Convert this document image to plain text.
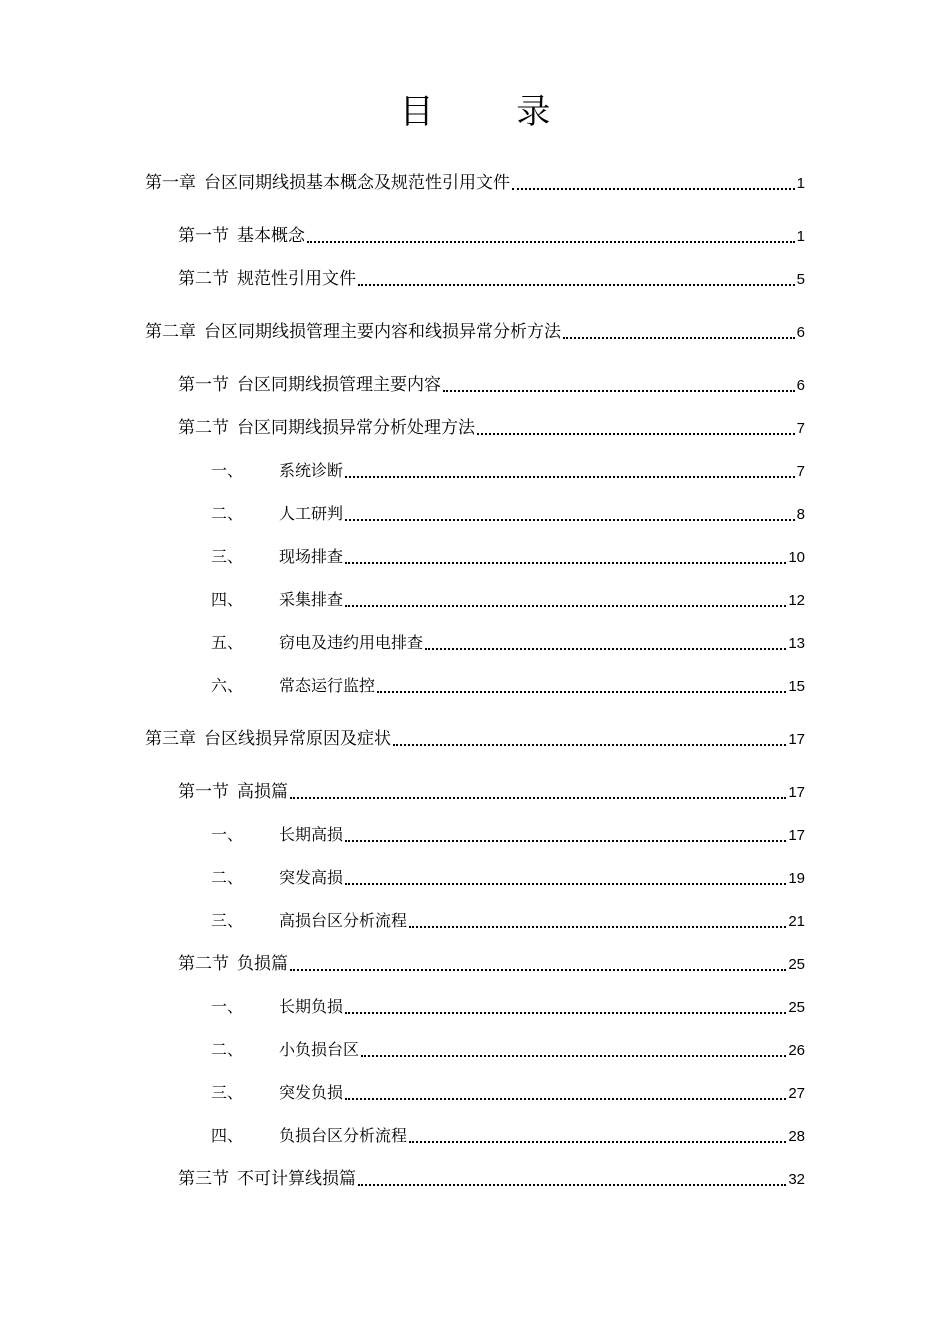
目 录
第一章 台区同期线损基本概念及规范性引用文件	1
第一节 基本概念	1
第二节 规范性引用文件	5
第二章 台区同期线损管理主要内容和线损异常分析方法	6
第一节 台区同期线损管理主要内容	6
第二节 台区同期线损异常分析处理方法	7
一、	系统诊断	7
二、	人工研判	8
三、	现场排查	10
四、	采集排查	12
五、	窃电及违约用电排查	13
六、	常态运行监控	15
第三章 台区线损异常原因及症状	17
第一节 高损篇	17
一、	长期高损	17
二、	突发高损	19
三、	高损台区分析流程	21
第二节 负损篇	25
一、	长期负损	25
二、	小负损台区	26
三、	突发负损	27
四、	负损台区分析流程	28
第三节 不可计算线损篇	32
